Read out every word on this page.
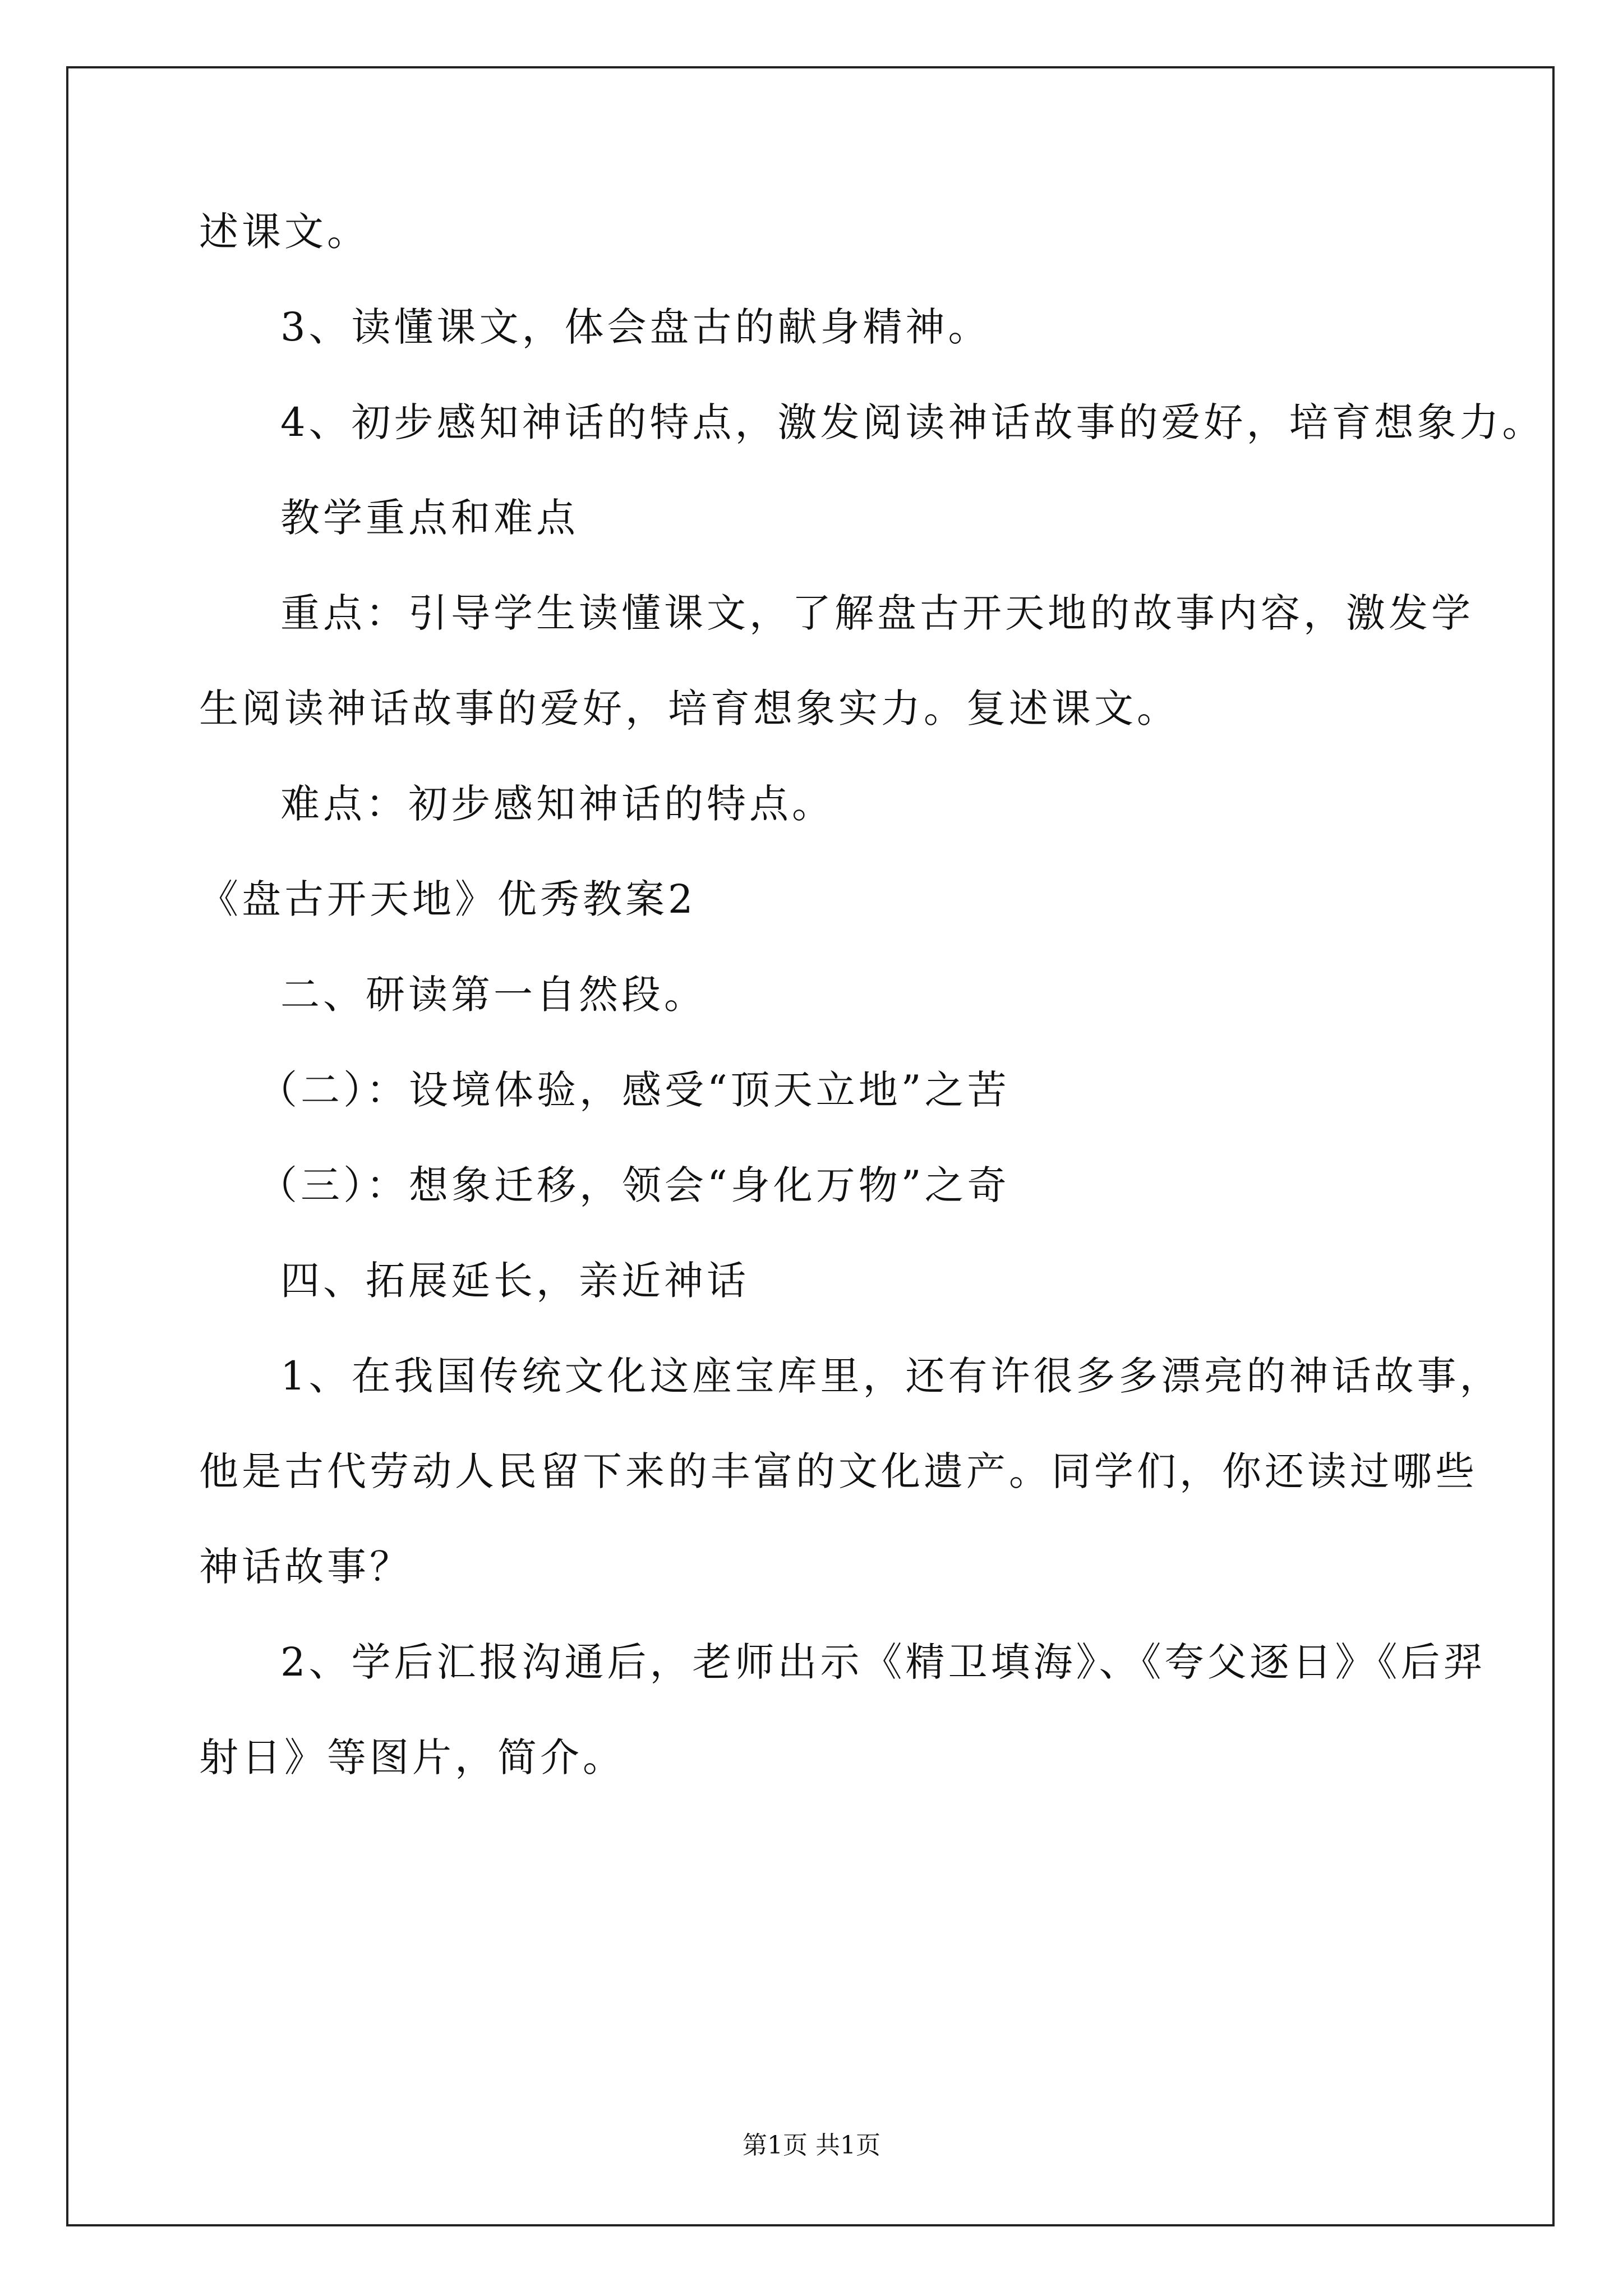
述课文。
3、读懂课文，体会盘古的献身精神。
4、初步感知神话的特点，激发阅读神话故事的爱好，培育想象力。
教学重点和难点
重点：引导学生读懂课文，了解盘古开天地的故事内容，激发学
生阅读神话故事的爱好，培育想象实力。复述课文。
难点：初步感知神话的特点。
《盘古开天地》优秀教案2
二、研读第一自然段。
（二）：设境体验，感受“顶天立地”之苦
（三）：想象迁移，领会“身化万物”之奇
四、拓展延长，亲近神话
1、在我国传统文化这座宝库里，还有许很多多漂亮的神话故事，
他是古代劳动人民留下来的丰富的文化遗产。同学们，你还读过哪些
神话故事？
2、学后汇报沟通后，老师出示《精卫填海》、《夸父逐日》《后羿
射日》等图片，简介。
第1页 共1页
